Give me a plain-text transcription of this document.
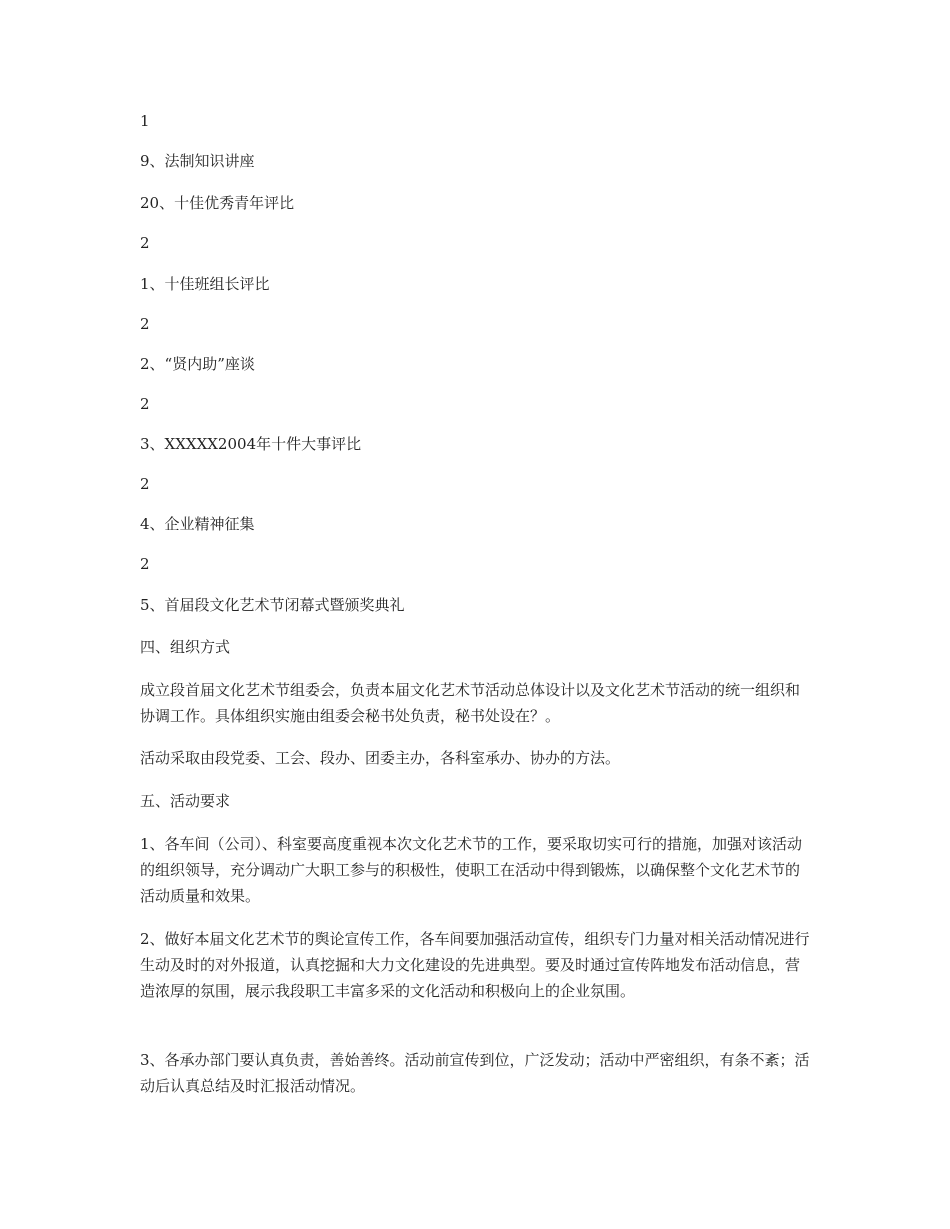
1
9、法制知识讲座
20、十佳优秀青年评比
2
1、十佳班组长评比
2
2、“贤内助”座谈
2
3、XXXXX2004年十件大事评比
2
4、企业精神征集
2
5、首届段文化艺术节闭幕式暨颁奖典礼
四、组织方式
成立段首届文化艺术节组委会，负责本届文化艺术节活动总体设计以及文化艺术节活动的统一组织和协调工作。具体组织实施由组委会秘书处负责，秘书处设在？。
活动采取由段党委、工会、段办、团委主办，各科室承办、协办的方法。
五、活动要求
1、各车间（公司）、科室要高度重视本次文化艺术节的工作，要采取切实可行的措施，加强对该活动的组织领导，充分调动广大职工参与的积极性，使职工在活动中得到锻炼，以确保整个文化艺术节的活动质量和效果。
2、做好本届文化艺术节的舆论宣传工作，各车间要加强活动宣传，组织专门力量对相关活动情况进行生动及时的对外报道，认真挖掘和大力文化建设的先进典型。要及时通过宣传阵地发布活动信息，营造浓厚的氛围，展示我段职工丰富多采的文化活动和积极向上的企业氛围。
3、各承办部门要认真负责，善始善终。活动前宣传到位，广泛发动；活动中严密组织，有条不紊；活动后认真总结及时汇报活动情况。
